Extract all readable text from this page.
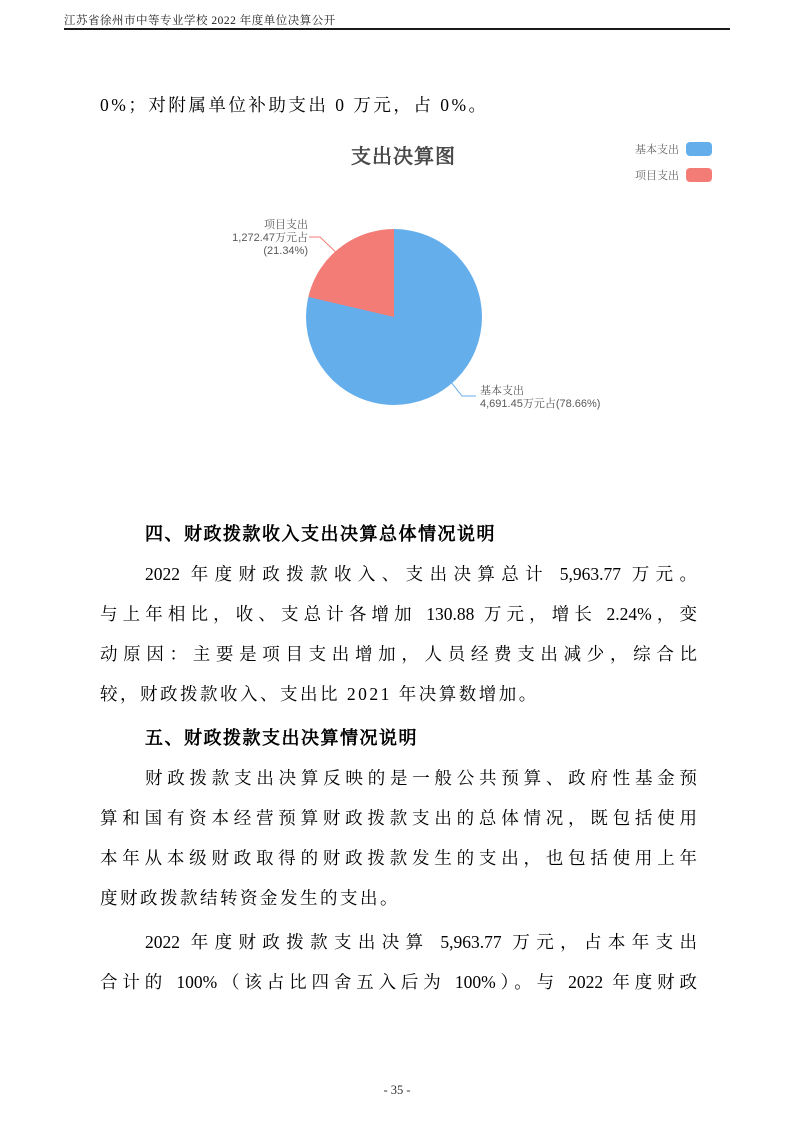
江苏省徐州市中等专业学校 2022 年度单位决算公开
0%；对附属单位补助支出 0 万元，占 0%。
支出决算图	基本支出
项目支出
项目支出
1,272.47万元占(21.34%)
基本支出
4,691.45万元占(78.66%)
四、财政拨款收入支出决算总体情况说明
2022 年度财政拨款收入、支出决算总计 5,963.77 万元。
与上年相比，收、支总计各增加 130.88 万元，增长 2.24%，变
动原因：主要是项目支出增加，人员经费支出减少，综合比
较，财政拨款收入、支出比 2021 年决算数增加。
五、财政拨款支出决算情况说明
财政拨款支出决算反映的是一般公共预算、政府性基金预
算和国有资本经营预算财政拨款支出的总体情况，既包括使用
本年从本级财政取得的财政拨款发生的支出，也包括使用上年
度财政拨款结转资金发生的支出。
2022 年度财政拨款支出决算 5,963.77 万元，占本年支出
合计的 100%（该占比四舍五入后为 100%）。与 2022 年度财政
- 35 -
